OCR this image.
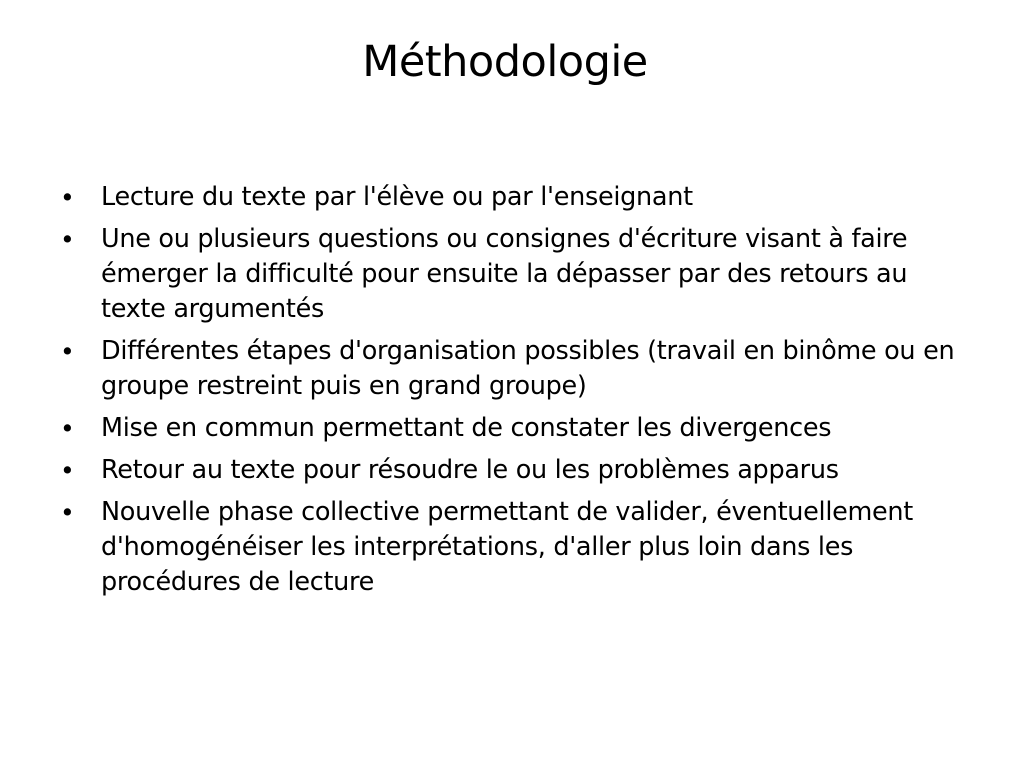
Méthodologie
• Lecture du texte par l'élève ou par l'enseignant
• Une ou plusieurs questions ou consignes d'écriture visant à faire émerger la difficulté pour ensuite la dépasser par des retours au texte argumentés
• Différentes étapes d'organisation possibles (travail en binôme ou en groupe restreint puis en grand groupe)
• Mise en commun permettant de constater les divergences
• Retour au texte pour résoudre le ou les problèmes apparus
• Nouvelle phase collective permettant de valider, éventuellement d'homogénéiser les interprétations, d'aller plus loin dans les procédures de lecture
